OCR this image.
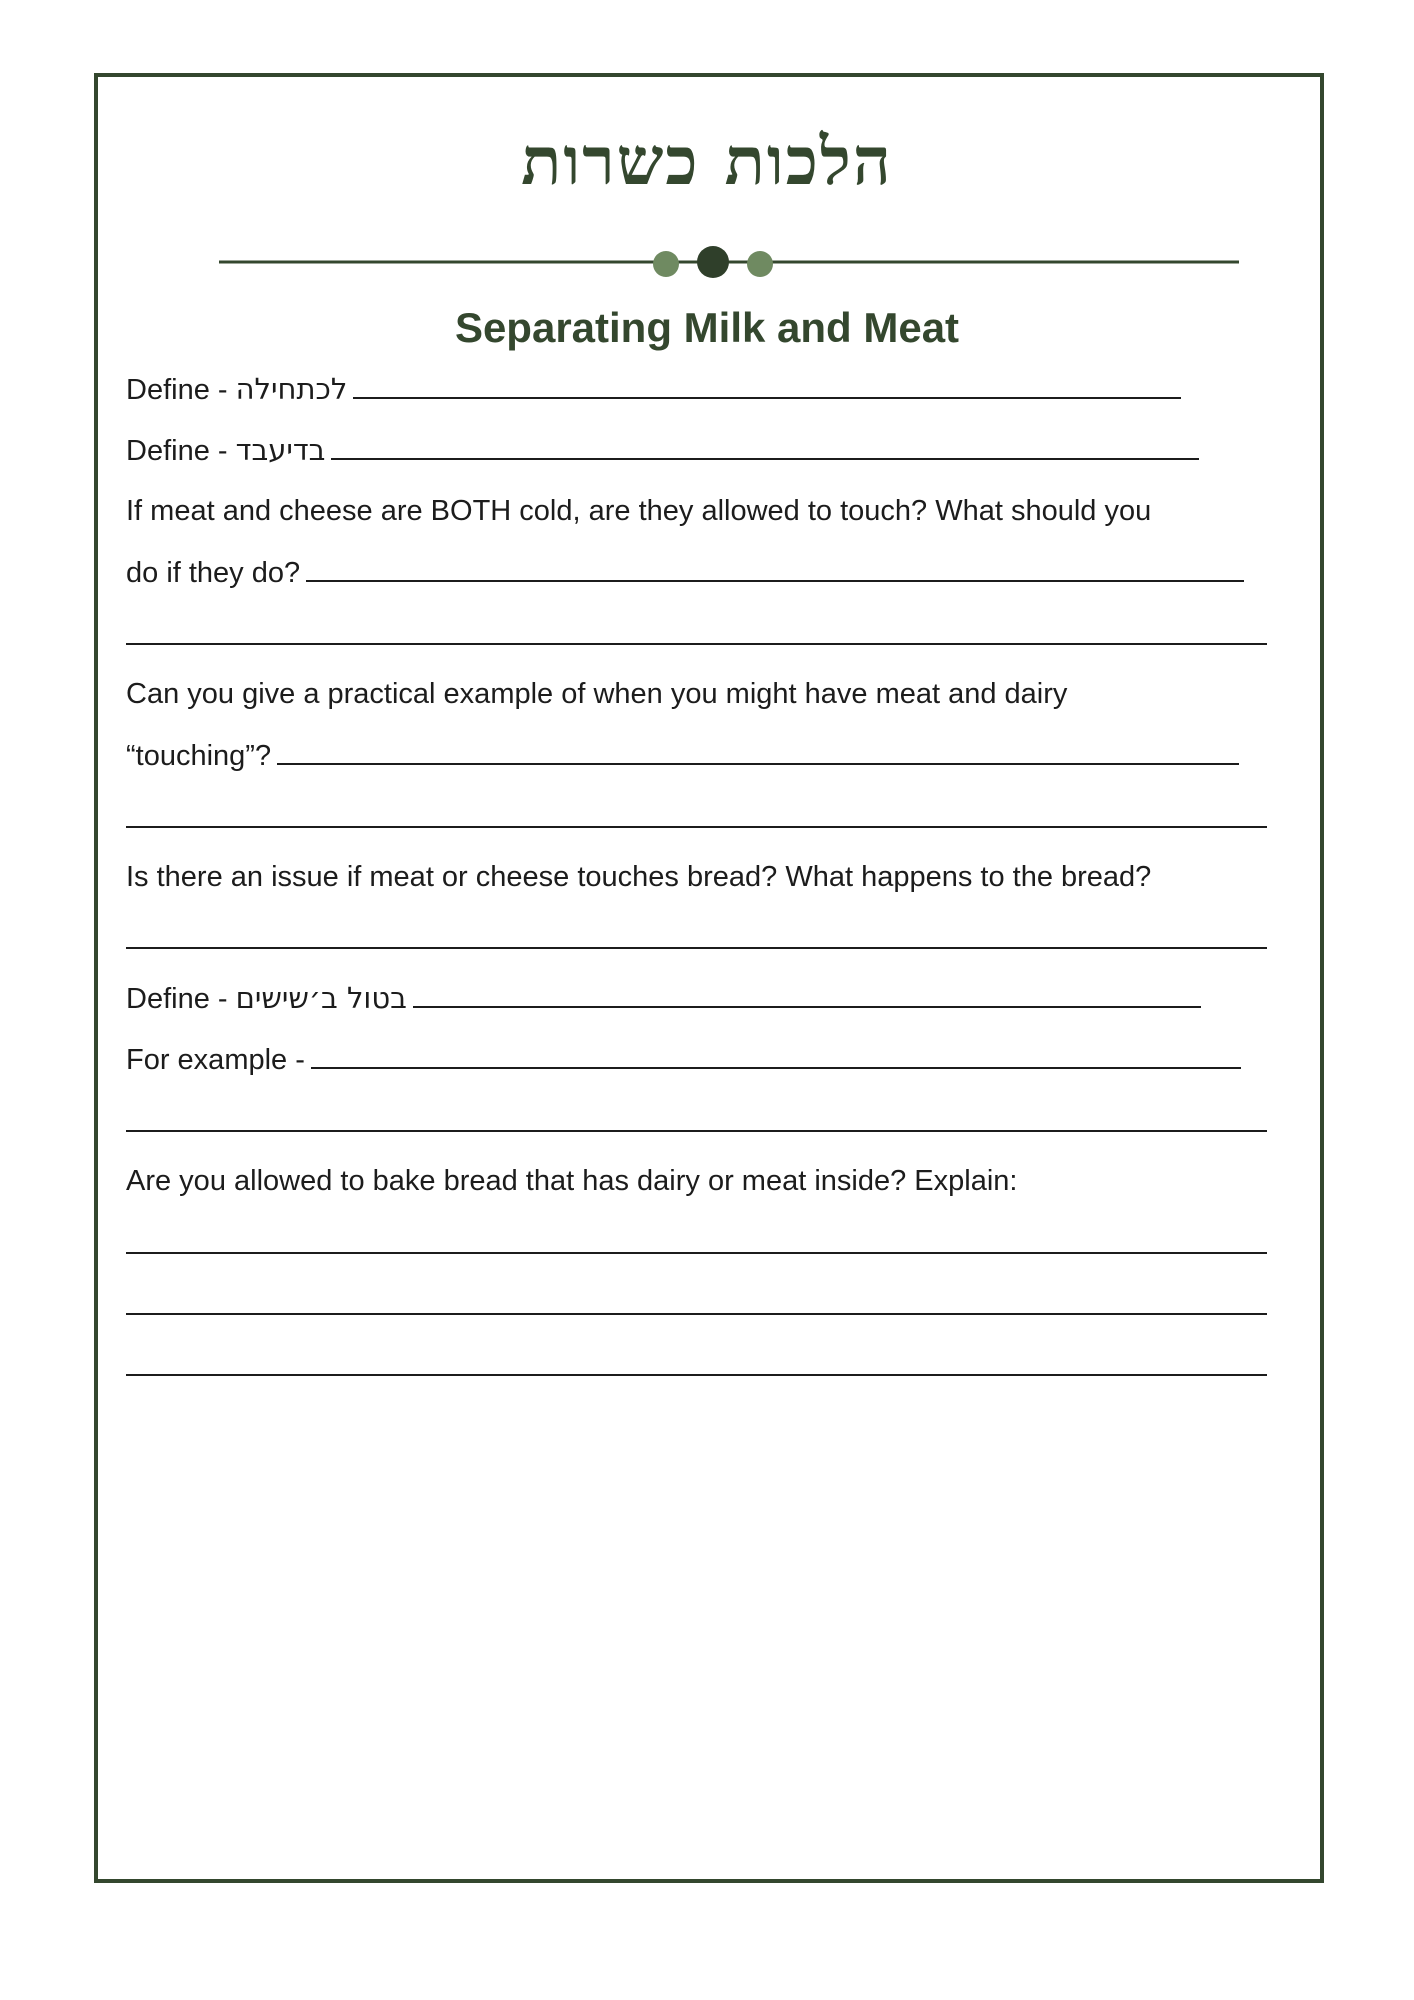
הלכות כשרות
Separating Milk and Meat
Define - לכתחילה
Define - בדיעבד
If meat and cheese are BOTH cold, are they allowed to touch? What should you
do if they do?
Can you give a practical example of when you might have meat and dairy
“touching”?
Is there an issue if meat or cheese touches bread? What happens to the bread?
Define - בטול ב׳שישים
For example -
Are you allowed to bake bread that has dairy or meat inside? Explain:
